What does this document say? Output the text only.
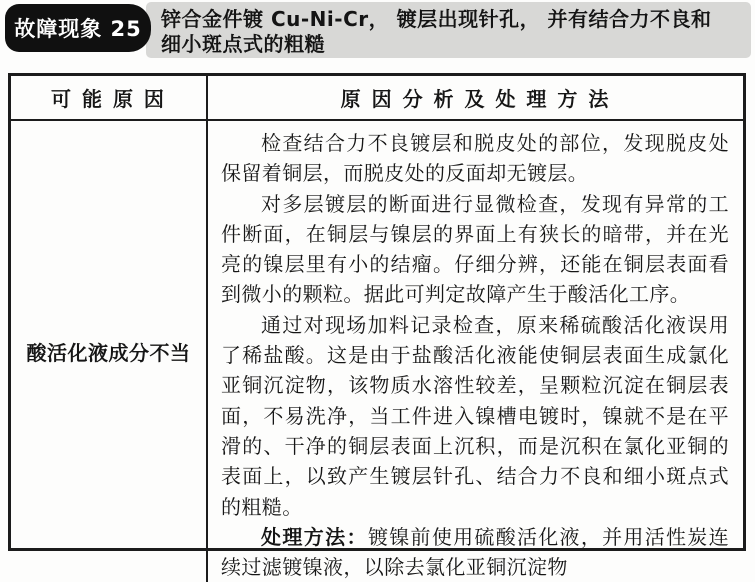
锌合金件镀 Cu-Ni-Cr， 镀层出现针孔， 并有结合力不良和
细小斑点式的粗糙
故障现象 25
可 能 原 因	原 因 分 析 及 处 理 方 法
酸活化液成分不当

检查结合力不良镀层和脱皮处的部位，发现脱皮处保留着铜层，而脱皮处的反面却无镀层。

对多层镀层的断面进行显微检查，发现有异常的工件断面，在铜层与镍层的界面上有狭长的暗带，并在光亮的镍层里有小的结瘤。仔细分辨，还能在铜层表面看到微小的颗粒。据此可判定故障产生于酸活化工序。

通过对现场加料记录检查，原来稀硫酸活化液误用了稀盐酸。这是由于盐酸活化液能使铜层表面生成氯化亚铜沉淀物，该物质水溶性较差，呈颗粒沉淀在铜层表面，不易洗净，当工件进入镍槽电镀时，镍就不是在平滑的、干净的铜层表面上沉积，而是沉积在氯化亚铜的表面上，以致产生镀层针孔、结合力不良和细小斑点式的粗糙。

处理方法：镀镍前使用硫酸活化液，并用活性炭连续过滤镀镍液，以除去氯化亚铜沉淀物
